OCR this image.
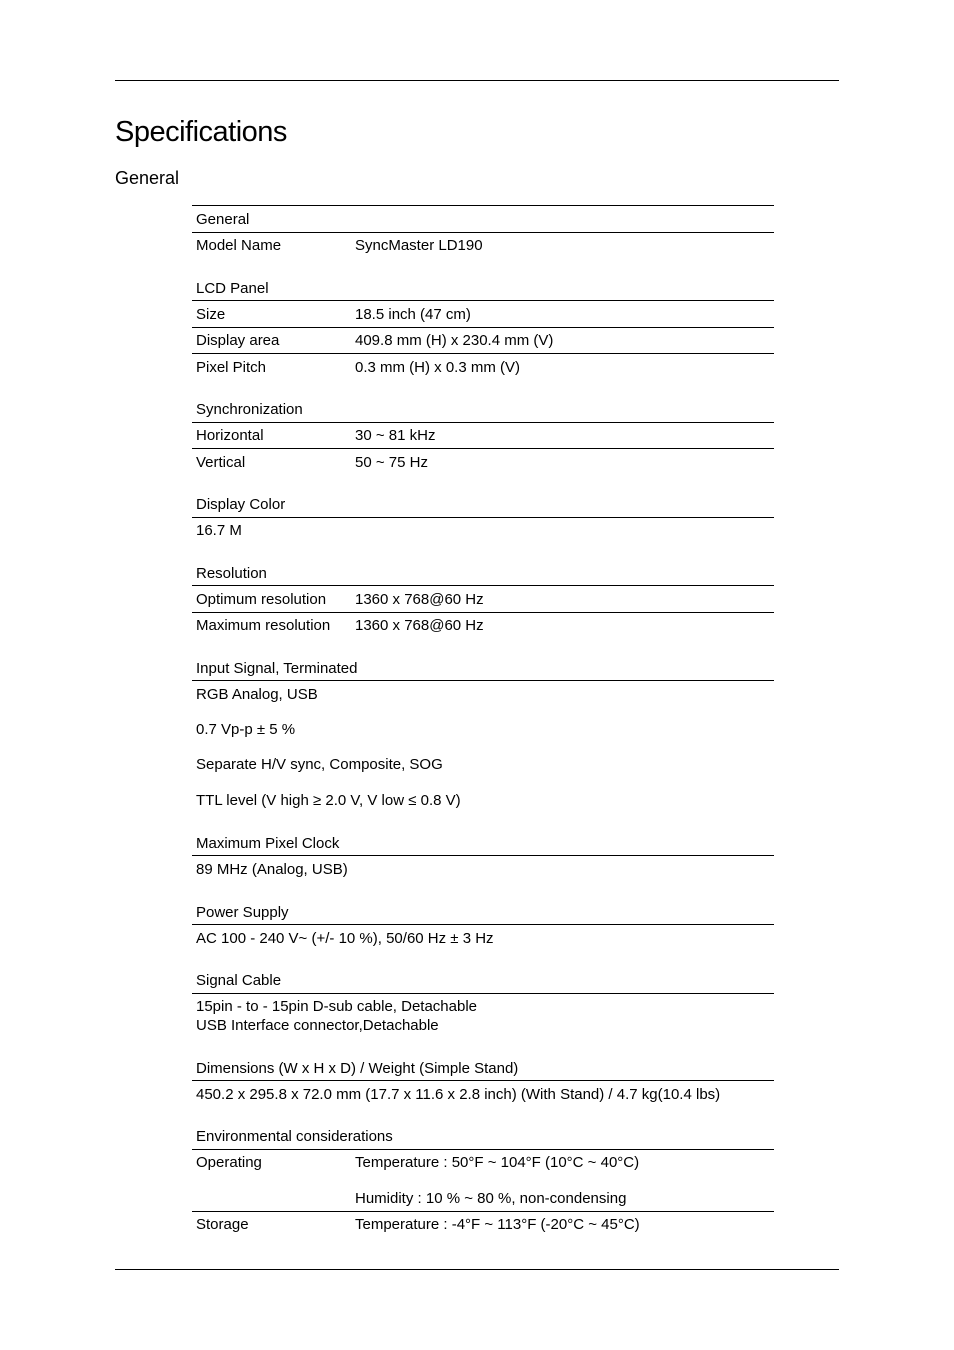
Specifications
General
General
Model Name	SyncMaster LD190
LCD Panel
Size	18.5 inch (47 cm)
Display area	409.8 mm (H) x 230.4 mm (V)
Pixel Pitch	0.3 mm (H) x 0.3 mm (V)
Synchronization
Horizontal	30 ~ 81 kHz
Vertical	50 ~ 75 Hz
Display Color
16.7 M
Resolution
Optimum resolution 1360 x 768@60 Hz
Maximum resolution 1360 x 768@60 Hz
Input Signal, Terminated
RGB Analog, USB
0.7 Vp-p ± 5 %
Separate H/V sync, Composite, SOG
TTL level (V high ≥ 2.0 V, V low ≤ 0.8 V)
Maximum Pixel Clock
89 MHz (Analog, USB)
Power Supply
AC 100 - 240 V~ (+/- 10 %), 50/60 Hz ± 3 Hz
Signal Cable
15pin - to - 15pin D-sub cable, Detachable
USB Interface connector,Detachable
Dimensions (W x H x D) / Weight (Simple Stand)
450.2 x 295.8 x 72.0 mm (17.7 x 11.6 x 2.8 inch) (With Stand) / 4.7 kg(10.4 lbs)
Environmental considerations
Operating	Temperature : 50°F ~ 104°F (10°C ~ 40°C)
Humidity : 10 % ~ 80 %, non-condensing
Storage	Temperature : -4°F ~ 113°F (-20°C ~ 45°C)
